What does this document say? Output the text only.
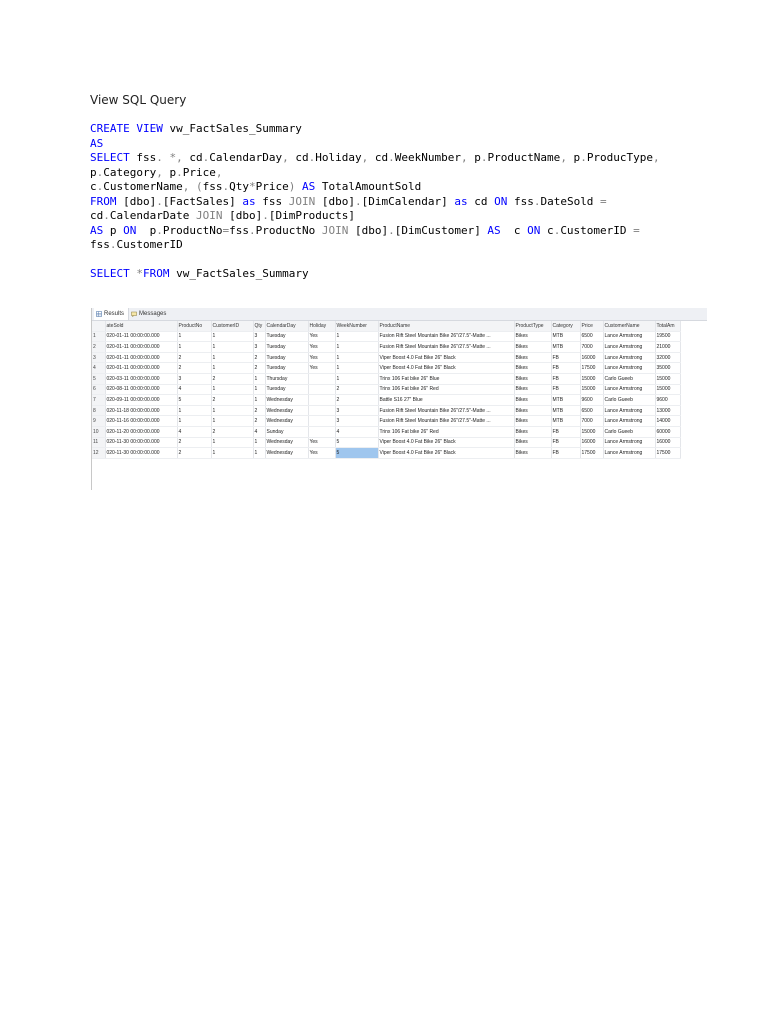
View SQL Query
CREATE VIEW vw_FactSales_Summary
AS
SELECT fss. *, cd.CalendarDay, cd.Holiday, cd.WeekNumber, p.ProductName, p.ProducType,
p.Category, p.Price,
c.CustomerName, (fss.Qty*Price) AS TotalAmountSold
FROM [dbo].[FactSales] as fss JOIN [dbo].[DimCalendar] as cd ON fss.DateSold =
cd.CalendarDate JOIN [dbo].[DimProducts]
AS p ON  p.ProductNo=fss.ProductNo JOIN [dbo].[DimCustomer] AS  c ON c.CustomerID =
fss.CustomerID
SELECT *FROM vw_FactSales_Summary
Results	Messages
	ateSold	ProductNo	CustomerID	Qty	CalendarDay	Holiday	WeekNumber	ProductName	ProductType	Category	Price	CustomerName	TotalAm
1	020-01-11 00:00:00.000	1	1	3	Tuesday	Yes	1	Fusion Rift Steel Mountain Bike 26"/27.5"-Matte ...	Bikes	MTB	6500	Lance Armstrong	19500
2	020-01-11 00:00:00.000	1	1	3	Tuesday	Yes	1	Fusion Rift Steel Mountain Bike 26"/27.5"-Matte ...	Bikes	MTB	7000	Lance Armstrong	21000
3	020-01-11 00:00:00.000	2	1	2	Tuesday	Yes	1	Viper Boost 4.0 Fat Bike 26" Black	Bikes	FB	16000	Lance Armstrong	32000
4	020-01-11 00:00:00.000	2	1	2	Tuesday	Yes	1	Viper Boost 4.0 Fat Bike 26" Black	Bikes	FB	17500	Lance Armstrong	35000
5	020-03-11 00:00:00.000	3	2	1	Thursday		1	Trinx 106 Fat bike 26" Blue	Bikes	FB	15000	Carlo Gueeb	15000
6	020-08-11 00:00:00.000	4	1	1	Tuesday		2	Trinx 106 Fat bike 26" Red	Bikes	FB	15000	Lance Armstrong	15000
7	020-09-11 00:00:00.000	5	2	1	Wednesday		2	Battle S16 27" Blue	Bikes	MTB	9600	Carlo Gueeb	9600
8	020-11-18 00:00:00.000	1	1	2	Wednesday		3	Fusion Rift Steel Mountain Bike 26"/27.5"-Matte ...	Bikes	MTB	6500	Lance Armstrong	13000
9	020-11-16 00:00:00.000	1	1	2	Wednesday		3	Fusion Rift Steel Mountain Bike 26"/27.5"-Matte ...	Bikes	MTB	7000	Lance Armstrong	14000
10	020-11-20 00:00:00.000	4	2	4	Sunday		4	Trinx 106 Fat bike 26" Red	Bikes	FB	15000	Carlo Gueeb	60000
11	020-11-30 00:00:00.000	2	1	1	Wednesday	Yes	5	Viper Boost 4.0 Fat Bike 26" Black	Bikes	FB	16000	Lance Armstrong	16000
12	020-11-30 00:00:00.000	2	1	1	Wednesday	Yes	5	Viper Boost 4.0 Fat Bike 26" Black	Bikes	FB	17500	Lance Armstrong	17500
